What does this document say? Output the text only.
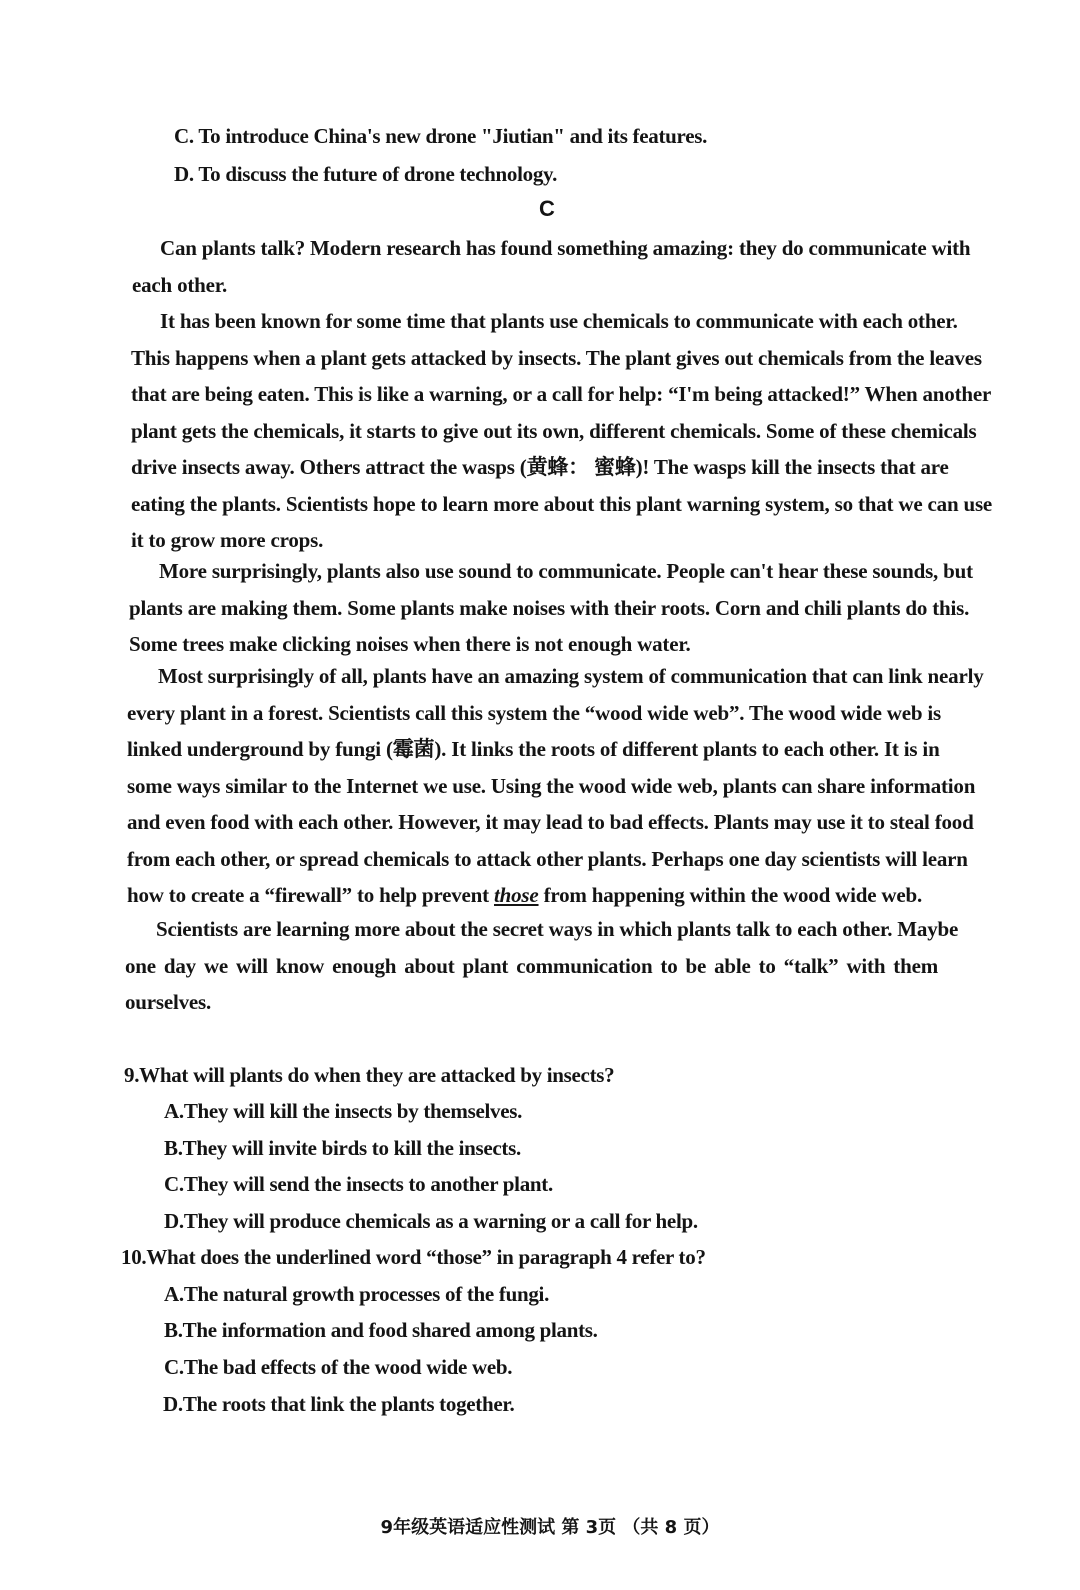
C. To introduce China's new drone "Jiutian" and its features.
D. To discuss the future of drone technology.
C
Can plants talk? Modern research has found something amazing: they do communicate with
each other.
It has been known for some time that plants use chemicals to communicate with each other.
This happens when a plant gets attacked by insects. The plant gives out chemicals from the leaves
that are being eaten. This is like a warning, or a call for help: “I'm being attacked!” When another
plant gets the chemicals, it starts to give out its own, different chemicals. Some of these chemicals
drive insects away. Others attract the wasps (黄蜂： 蜜蜂)! The wasps kill the insects that are
eating the plants. Scientists hope to learn more about this plant warning system, so that we can use
it to grow more crops.
More surprisingly, plants also use sound to communicate. People can't hear these sounds, but
plants are making them. Some plants make noises with their roots. Corn and chili plants do this.
Some trees make clicking noises when there is not enough water.
Most surprisingly of all, plants have an amazing system of communication that can link nearly
every plant in a forest. Scientists call this system the “wood wide web”. The wood wide web is
linked underground by fungi (霉菌). It links the roots of different plants to each other. It is in
some ways similar to the Internet we use. Using the wood wide web, plants can share information
and even food with each other. However, it may lead to bad effects. Plants may use it to steal food
from each other, or spread chemicals to attack other plants. Perhaps one day scientists will learn
how to create a “firewall” to help prevent those from happening within the wood wide web.
Scientists are learning more about the secret ways in which plants talk to each other. Maybe
one day we will know enough about plant communication to be able to “talk” with them
ourselves.
9.What will plants do when they are attacked by insects?
A.They will kill the insects by themselves.
B.They will invite birds to kill the insects.
C.They will send the insects to another plant.
D.They will produce chemicals as a warning or a call for help.
10.What does the underlined word “those” in paragraph 4 refer to?
A.The natural growth processes of the fungi.
B.The information and food shared among plants.
C.The bad effects of the wood wide web.
D.The roots that link the plants together.
9年级英语适应性测试 第 3页 （共 8 页）
